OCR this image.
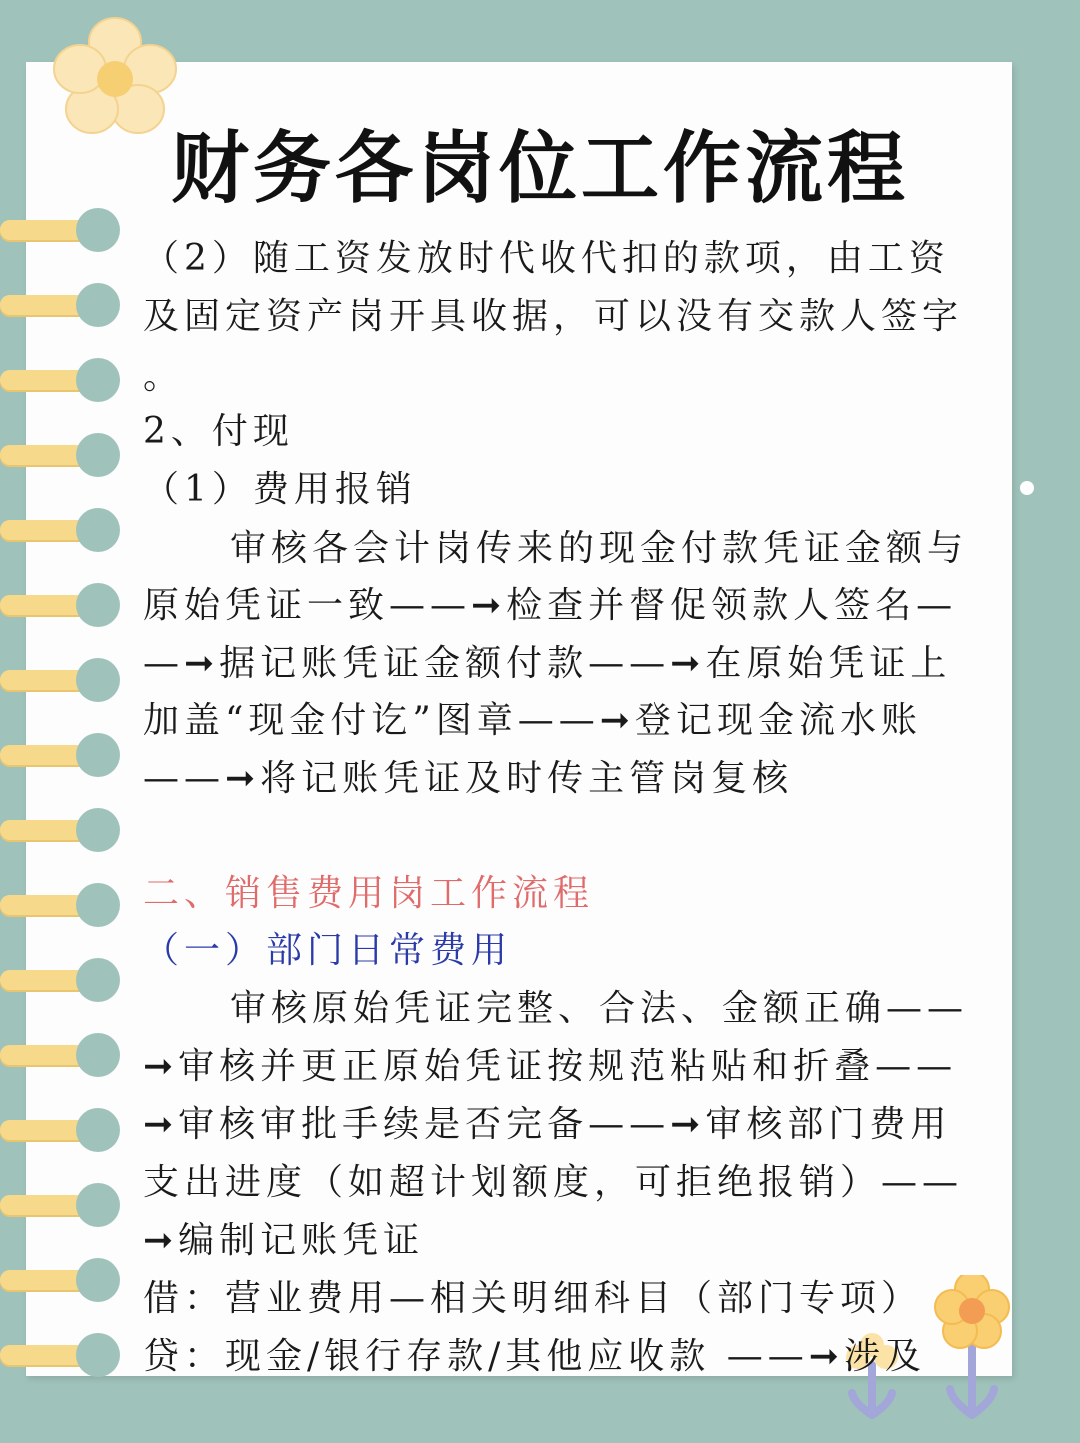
财务各岗位工作流程
（2）随工资发放时代收代扣的款项，由工资
及固定资产岗开具收据，可以没有交款人签字
。
2、付现
（1）费用报销
审核各会计岗传来的现金付款凭证金额与
原始凭证一致——➞检查并督促领款人签名—
—➞据记账凭证金额付款——➞在原始凭证上
加盖“现金付讫”图章——➞登记现金流水账
——➞将记账凭证及时传主管岗复核
二、销售费用岗工作流程
（一）部门日常费用
审核原始凭证完整、合法、金额正确——
➞审核并更正原始凭证按规范粘贴和折叠——
➞审核审批手续是否完备——➞审核部门费用
支出进度（如超计划额度，可拒绝报销）——
➞编制记账凭证
借：营业费用—相关明细科目（部门专项）
贷：现金/银行存款/其他应收款 ——➞涉及
